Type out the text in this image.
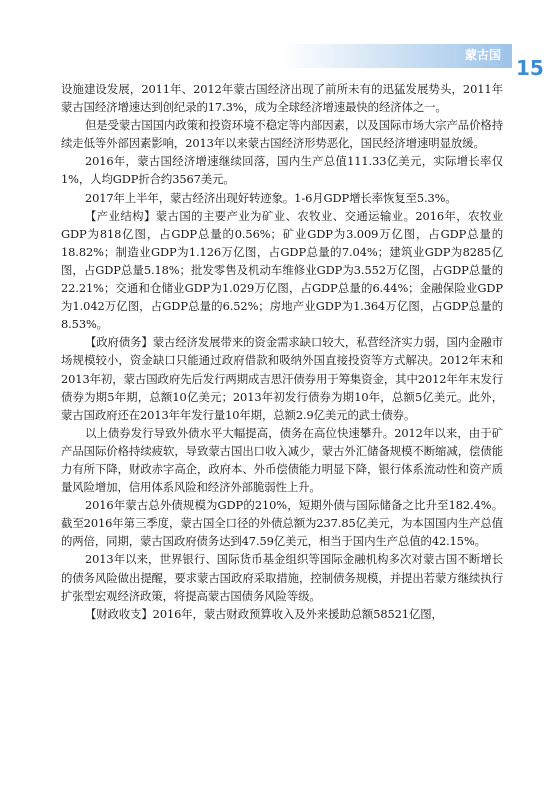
蒙古国
15

设施建设发展，2011年、2012年蒙古国经济出现了前所未有的迅猛发展势头，2011年蒙古国经济增速达到创纪录的17.3%，成为全球经济增速最快的经济体之一。

但是受蒙古国国内政策和投资环境不稳定等内部因素，以及国际市场大宗产品价格持续走低等外部因素影响，2013年以来蒙古国经济形势恶化，国民经济增速明显放缓。

2016年，蒙古国经济增速继续回落，国内生产总值111.33亿美元，实际增长率仅1%，人均GDP折合约3567美元。

2017年上半年，蒙古经济出现好转迹象。1-6月GDP增长率恢复至5.3%。

【产业结构】蒙古国的主要产业为矿业、农牧业、交通运输业。2016年，农牧业GDP为818亿图，占GDP总量的0.56%；矿业GDP为3.009万亿图，占GDP总量的18.82%；制造业GDP为1.126万亿图，占GDP总量的7.04%；建筑业GDP为8285亿图，占GDP总量5.18%；批发零售及机动车维修业GDP为3.552万亿图，占GDP总量的22.21%；交通和仓储业GDP为1.029万亿图，占GDP总量的6.44%；金融保险业GDP为1.042万亿图，占GDP总量的6.52%；房地产业GDP为1.364万亿图，占GDP总量的8.53%。

【政府债务】蒙古经济发展带来的资金需求缺口较大，私营经济实力弱，国内金融市场规模较小，资金缺口只能通过政府借款和吸纳外国直接投资等方式解决。2012年末和2013年初，蒙古国政府先后发行两期成吉思汗债券用于筹集资金，其中2012年年末发行债券为期5年期，总额10亿美元；2013年初发行债券为期10年，总额5亿美元。此外，蒙古国政府还在2013年年发行量10年期，总额2.9亿美元的武士债券。

以上债券发行导致外债水平大幅提高，债务在高位快速攀升。2012年以来，由于矿产品国际价格持续疲软，导致蒙古国出口收入减少，蒙古外汇储备规模不断缩减，偿债能力有所下降，财政赤字高企，政府本、外币偿债能力明显下降，银行体系流动性和资产质量风险增加，信用体系风险和经济外部脆弱性上升。

2016年蒙古总外债规模为GDP的210%，短期外债与国际储备之比升至182.4%。截至2016年第三季度，蒙古国全口径的外债总额为237.85亿美元，为本国国内生产总值的两倍，同期，蒙古国政府债务达到47.59亿美元，相当于国内生产总值的42.15%。

2013年以来，世界银行、国际货币基金组织等国际金融机构多次对蒙古国不断增长的债务风险做出提醒，要求蒙古国政府采取措施，控制债务规模，并提出若蒙方继续执行扩张型宏观经济政策，将提高蒙古国债务风险等级。

【财政收支】2016年，蒙古财政预算收入及外来援助总额58521亿图，
